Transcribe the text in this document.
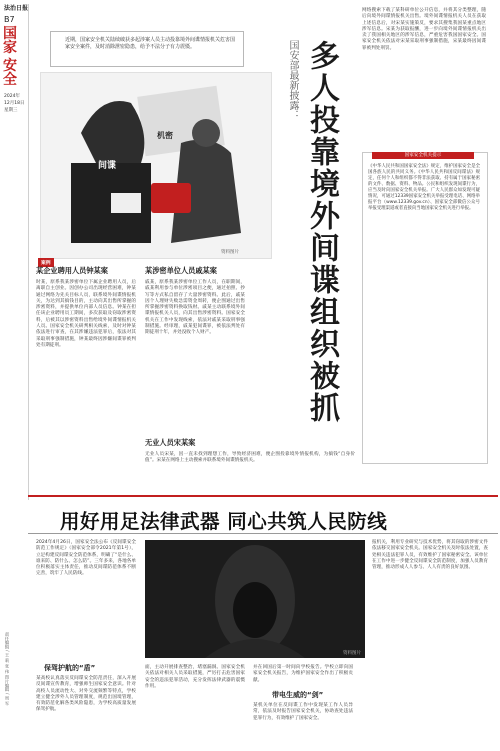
法治日报
B7
国
家
安
全
2024年
12月18日
星期三
责任编辑 / 王 莉 张 伟 图片编辑 / 周 军
近期，国家安全机关陆续破获多起涉案人员主动投靠境外间谍情报机关危害国家安全案件，及时消除泄密隐患，给予不法分子有力震慑。	国安部最新披露： 多人投靠境外间谍组织被抓
间谍
机密
资料图片
案例
某企业聘用人员钟某案
时某，原系我某涉密单位下属企业聘用人员，后离职自主创业。因创办公司出现经营困难，钟某通过网络为先关目标人员，联系境外间谍情报机关，为达到其搞钱目的，主动向其出售所掌握的涉密资料，并提供单位内部人员信息。钟某在担任该企业聘用员工期间，多次获取及窃取涉密资料，后被其以涉密资料出售给境外间谍情报机关人员。国家安全机关研判相关线索，及时对钟某依法进行审查，在其涉嫌违法犯罪后，依法对其采取刑事强制措施，钟某最终因涉嫌间谍罪被判处有期徒刑。
某涉密单位人员戚某案
戚某，原系我某涉密单位工作人员，在职期间，戚某利用参与单位涉密项目之便，通过拍照、抄写等方式私自留存了大量涉密资料。此后，戚某因个人理财失败急需资金周转，便企图通过出售所掌握涉密资料换取钱财。戚某主动联系境外间谍情报机关人员，向其出售涉密资料。国家安全机关在工作中发现线索，依法对戚某采取刑事强制措施。经审理，戚某犯间谍罪，被依法判处有期徒刑十年，并处没收个人财产。
无业人员宋某案
无业人员宋某，因一直未找到理想工作，导致经济困难，便企图投靠境外情报机构，为搞钱“自身价值”。宋某在网络上主动搜索并联系境外间谍情报机关。
网络搜索下载了某科研单位公开信息，并将其分类整理，随后向境外间谍情报机关出售。境外间谍情报机关人员在获取上述信息后，对宋某实施策反，要求其搜集我国某重点地区涉军信息。宋某为获取报酬，进一步向境外间谍情报机关出卖了我国相关地区的涉军信息，严重危害我国国家安全。国家安全机关依法对宋某采取刑事强制措施，宋某最终因间谍罪被判处刑罚。
国家安全机关提示
《中华人民共和国国家安全法》规定，维护国家安全是全国各族人民的共同义务。《中华人民共和国反间谍法》规定，任何个人和组织都不得非法获取、持有属于国家秘密的文件、数据、资料、物品。公民和组织发现间谍行为，应当及时向国家安全机关举报。广大人民群众如发现可疑情况，可通过12339国家安全机关举报受理电话、网络举报平台（www.12339.gov.cn）、国家安全部微信公众号举报受理渠道或者直接向当地国家安全机关进行举报。
用好用足法律武器 同心共筑人民防线
2024年4月26日，国家安全法公布《反间谍安全防范工作规定》（国家安全部令2021年第1号），立足构建反间谍安全防范体系，明确了“是什么、谁来防、防什么、怎么防”。三年多来，各地各单位积极落实主体责任，推动反间谍防范体系不断完善，筑牢了人民防线。
资料图片
保驾护航的“盾”
某高校认真落实反间谍安全防范责任，深入开展反间谍宣传教育，增强师生国家安全意识。针对高校人员流动性大、对外交流频繁等特点，学校建立健全涉外人员管理制度，规范出国境管理，有效防范化解各类风险隐患，为学校高质量发展保驾护航。
面，主动开展排查整治，堵塞漏洞。国家安全机关依法对相关人员采取措施，严厉打击危害国家安全的违法犯罪活动，充分发挥法律武器的震慑作用。
并在回国后第一时间向学校报告。学校立即向国家安全机关报告，为维护国家安全作出了积极贡献。
带电生威的“剑”
某机关单位在反间谍工作中发现某工作人员异常，依法及时报告国家安全机关，协助查处违法犯罪行为，有效维护了国家安全。
报机关，利用专业研究与技术优势，将其窃取的涉密文件依法移交国家安全机关。国家安全机关及时依法处置，查处相关违法犯罪人员，有效维护了国家秘密安全。该单位在工作中进一步健全反间谍安全防范制度，加强人员教育管理，推动形成人人参与、人人有责的良好氛围。
